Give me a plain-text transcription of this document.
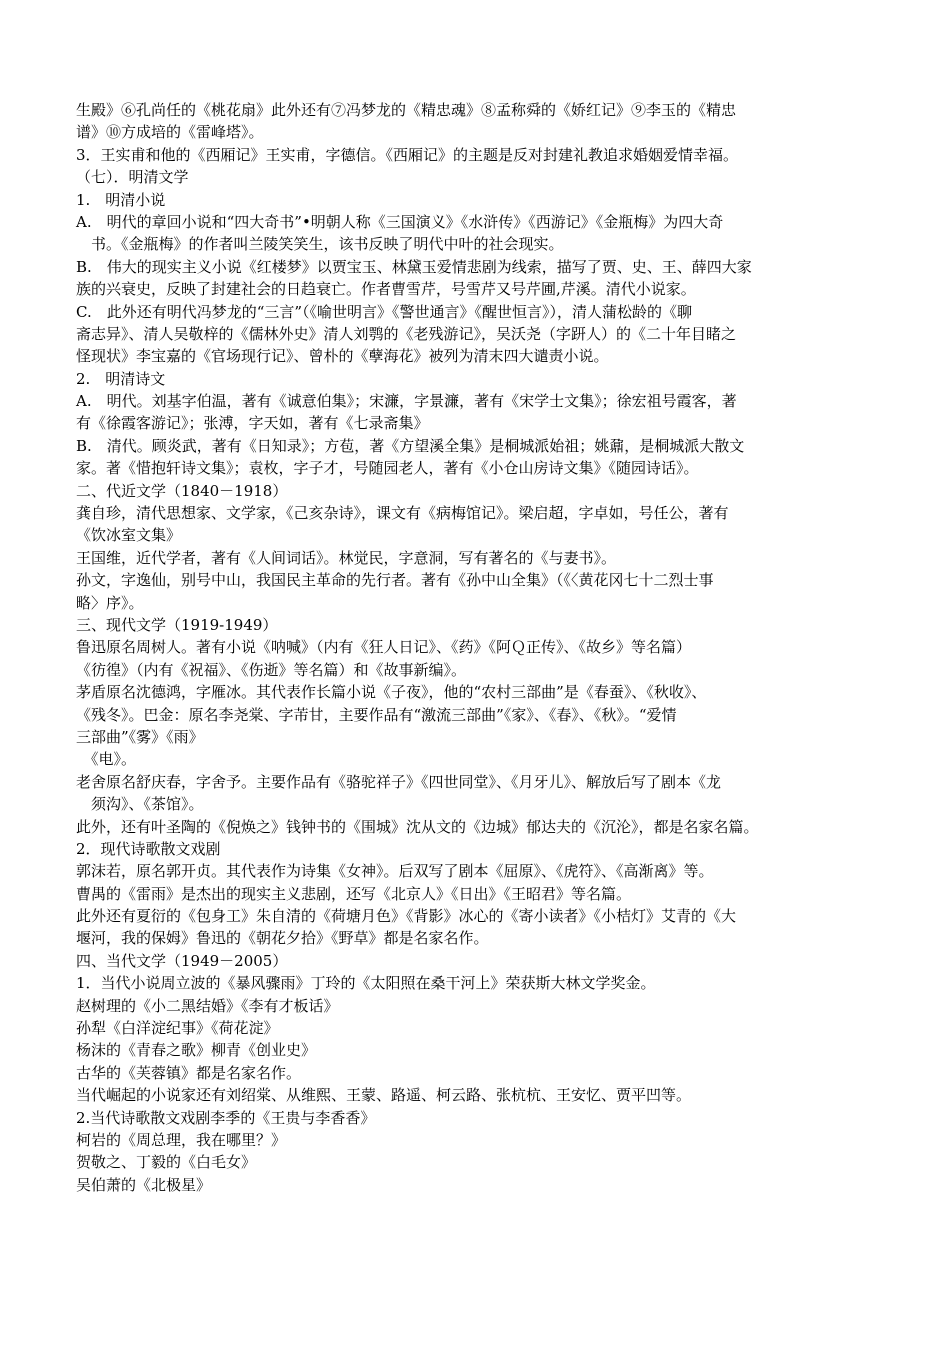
生殿》⑥孔尚任的《桃花扇》此外还有⑦冯梦龙的《精忠魂》⑧孟称舜的《娇红记》⑨李玉的《精忠
谱》⑩方成培的《雷峰塔》。
3．王实甫和他的《西厢记》王实甫，字德信。《西厢记》的主题是反对封建礼教追求婚姻爱情幸福。
（七）．明清文学
1.　明清小说
A.　明代的章回小说和“四大奇书”•明朝人称《三国演义》《水浒传》《西游记》《金瓶梅》为四大奇
　书。《金瓶梅》的作者叫兰陵笑笑生，该书反映了明代中叶的社会现实。
B.　伟大的现实主义小说《红楼梦》以贾宝玉、林黛玉爱情悲剧为线索，描写了贾、史、王、薛四大家
族的兴衰史，反映了封建社会的日趋衰亡。作者曹雪芹，号雪芹又号芹圃,芹溪。清代小说家。
C.　此外还有明代冯梦龙的“三言”（《喻世明言》《警世通言》《醒世恒言》），清人蒲松龄的《聊
斋志异》、清人吴敬梓的《儒林外史》清人刘鹗的《老残游记》，吴沃尧（字趼人）的《二十年目睹之
怪现状》李宝嘉的《官场现行记》、曾朴的《孽海花》被列为清末四大谴责小说。
2.　明清诗文
A.　明代。刘基字伯温，著有《诚意伯集》；宋濂，字景濂，著有《宋学士文集》；徐宏祖号霞客，著
有《徐霞客游记》；张溥，字天如，著有《七录斋集》
B.　清代。顾炎武，著有《日知录》；方苞，著《方望溪全集》是桐城派始祖；姚鼐，是桐城派大散文
家。著《惜抱轩诗文集》；袁枚，字子才，号随园老人，著有《小仓山房诗文集》《随园诗话》。
二、代近文学（1840－1918）
龚自珍，清代思想家、文学家，《己亥杂诗》，课文有《病梅馆记》。梁启超，字卓如，号任公，著有
《饮冰室文集》
王国维，近代学者，著有《人间词话》。林觉民，字意洞，写有著名的《与妻书》。
孙文，字逸仙，别号中山，我国民主革命的先行者。著有《孙中山全集》（《〈黄花冈七十二烈士事
略〉序》。
三、现代文学（1919-1949）
鲁迅原名周树人。著有小说《呐喊》（内有《狂人日记》、《药》《阿Ｑ正传》、《故乡》等名篇）
《彷徨》（内有《祝福》、《伤逝》等名篇）和《故事新编》。
茅盾原名沈德鸿，字雁冰。其代表作长篇小说《子夜》，他的“农村三部曲”是《春蚕》、《秋收》、
《残冬》。巴金：原名李尧棠、字芾甘，主要作品有“激流三部曲”《家》、《春》、《秋》。“爱情
三部曲”《雾》《雨》
　《电》。
老舍原名舒庆春，字舍予。主要作品有《骆驼祥子》《四世同堂》、《月牙儿》、解放后写了剧本《龙
　须沟》、《茶馆》。
此外，还有叶圣陶的《倪焕之》钱钟书的《围城》沈从文的《边城》郁达夫的《沉沦》，都是名家名篇。
2．现代诗歌散文戏剧
郭沫若，原名郭开贞。其代表作为诗集《女神》。后双写了剧本《屈原》、《虎符》、《高渐离》等。
曹禺的《雷雨》是杰出的现实主义悲剧，还写《北京人》《日出》《王昭君》等名篇。
此外还有夏衍的《包身工》朱自清的《荷塘月色》《背影》冰心的《寄小读者》《小桔灯》艾青的《大
堰河，我的保姆》鲁迅的《朝花夕拾》《野草》都是名家名作。
四、当代文学（1949－2005）
1．当代小说周立波的《暴风骤雨》丁玲的《太阳照在桑干河上》荣获斯大林文学奖金。
赵树理的《小二黑结婚》《李有才板话》
孙犁《白洋淀纪事》《荷花淀》
杨沫的《青春之歌》柳青《创业史》
古华的《芙蓉镇》都是名家名作。
当代崛起的小说家还有刘绍棠、从维熙、王蒙、路遥、柯云路、张杭杭、王安忆、贾平凹等。
2.当代诗歌散文戏剧李季的《王贵与李香香》
柯岩的《周总理，我在哪里？》
贺敬之、丁毅的《白毛女》
吴伯萧的《北极星》
